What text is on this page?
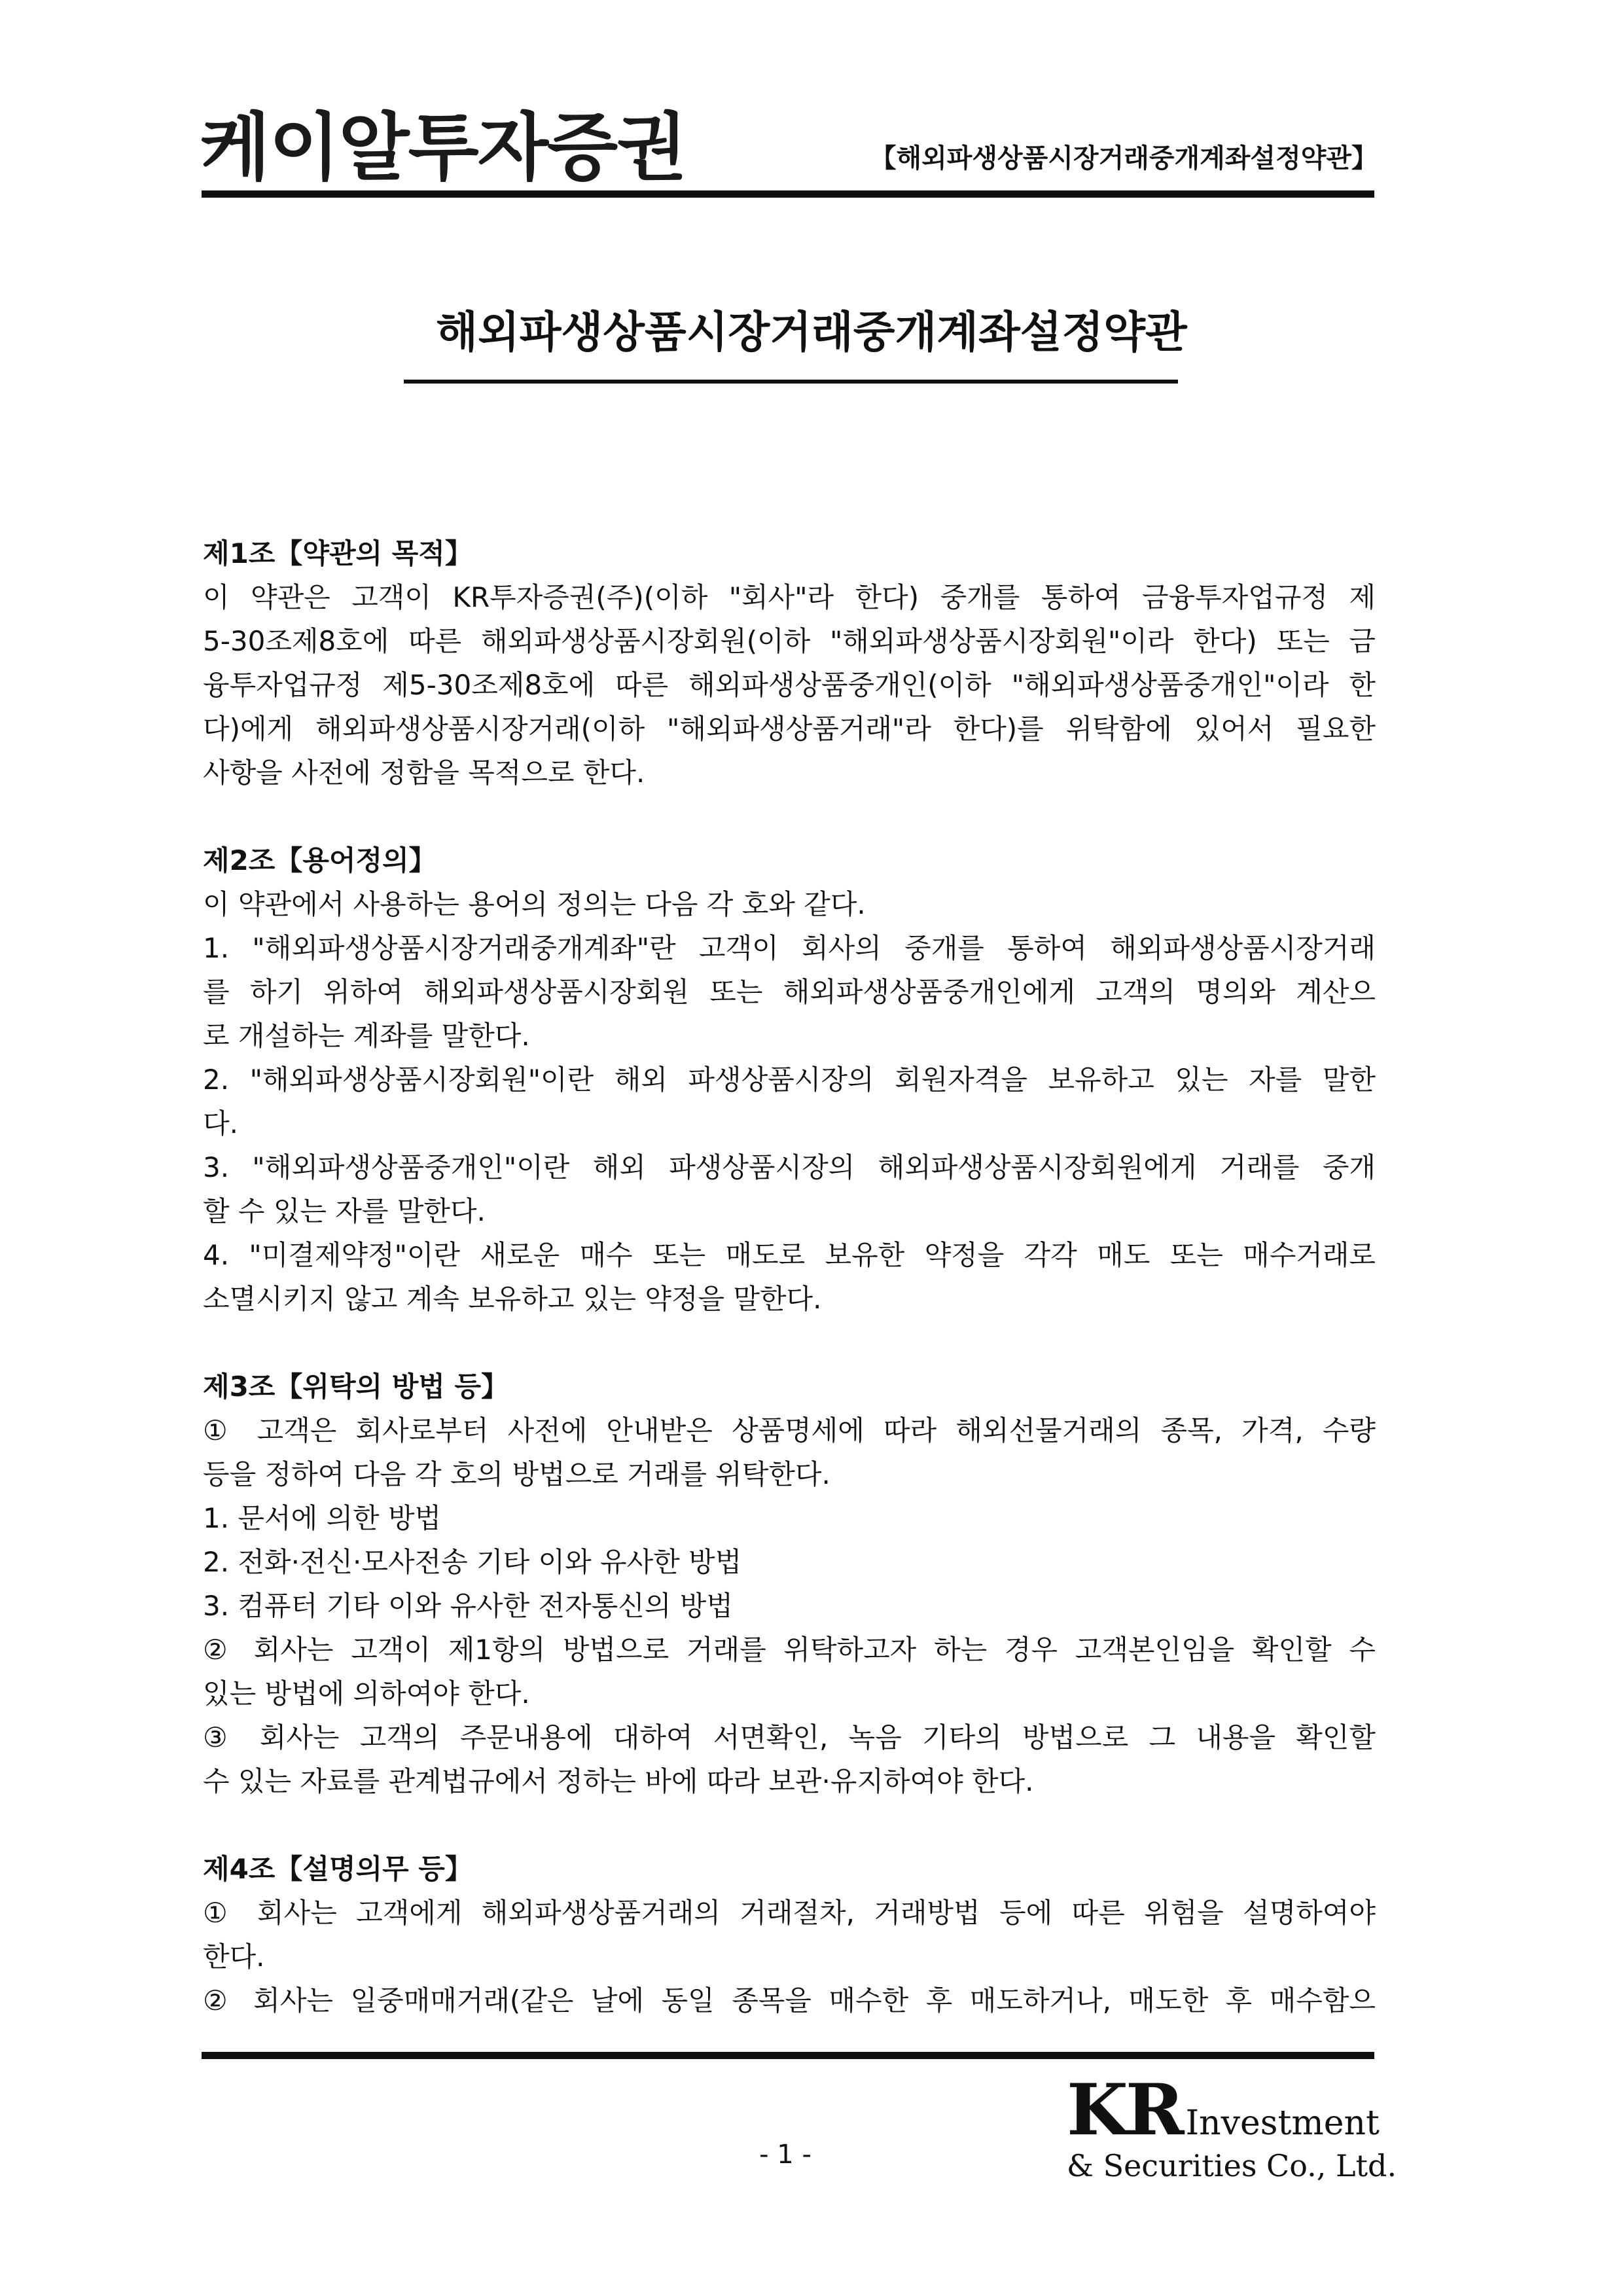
케이알투자증권	【해외파생상품시장거래중개계좌설정약관】
해외파생상품시장거래중개계좌설정약관

제1조【약관의 목적】

이 약관은 고객이 KR투자증권(주)(이하 "회사"라 한다) 중개를 통하여 금융투자업규정 제

5-30조제8호에 따른 해외파생상품시장회원(이하 "해외파생상품시장회원"이라 한다) 또는 금

융투자업규정 제5-30조제8호에 따른 해외파생상품중개인(이하 "해외파생상품중개인"이라 한

다)에게 해외파생상품시장거래(이하 "해외파생상품거래"라 한다)를 위탁함에 있어서 필요한

사항을 사전에 정함을 목적으로 한다.

제2조【용어정의】

이 약관에서 사용하는 용어의 정의는 다음 각 호와 같다.

1. "해외파생상품시장거래중개계좌"란 고객이 회사의 중개를 통하여 해외파생상품시장거래

를 하기 위하여 해외파생상품시장회원 또는 해외파생상품중개인에게 고객의 명의와 계산으

로 개설하는 계좌를 말한다.

2. "해외파생상품시장회원"이란 해외 파생상품시장의 회원자격을 보유하고 있는 자를 말한

다.

3. "해외파생상품중개인"이란 해외 파생상품시장의 해외파생상품시장회원에게 거래를 중개

할 수 있는 자를 말한다.

4. "미결제약정"이란 새로운 매수 또는 매도로 보유한 약정을 각각 매도 또는 매수거래로

소멸시키지 않고 계속 보유하고 있는 약정을 말한다.

제3조【위탁의 방법 등】

① 고객은 회사로부터 사전에 안내받은 상품명세에 따라 해외선물거래의 종목, 가격, 수량

등을 정하여 다음 각 호의 방법으로 거래를 위탁한다.

1. 문서에 의한 방법

2. 전화·전신·모사전송 기타 이와 유사한 방법

3. 컴퓨터 기타 이와 유사한 전자통신의 방법

② 회사는 고객이 제1항의 방법으로 거래를 위탁하고자 하는 경우 고객본인임을 확인할 수

있는 방법에 의하여야 한다.

③ 회사는 고객의 주문내용에 대하여 서면확인, 녹음 기타의 방법으로 그 내용을 확인할

수 있는 자료를 관계법규에서 정하는 바에 따라 보관·유지하여야 한다.

제4조【설명의무 등】

① 회사는 고객에게 해외파생상품거래의 거래절차, 거래방법 등에 따른 위험을 설명하여야

한다.

② 회사는 일중매매거래(같은 날에 동일 종목을 매수한 후 매도하거나, 매도한 후 매수함으

- 1 -
KR Investment
& Securities Co., Ltd.
